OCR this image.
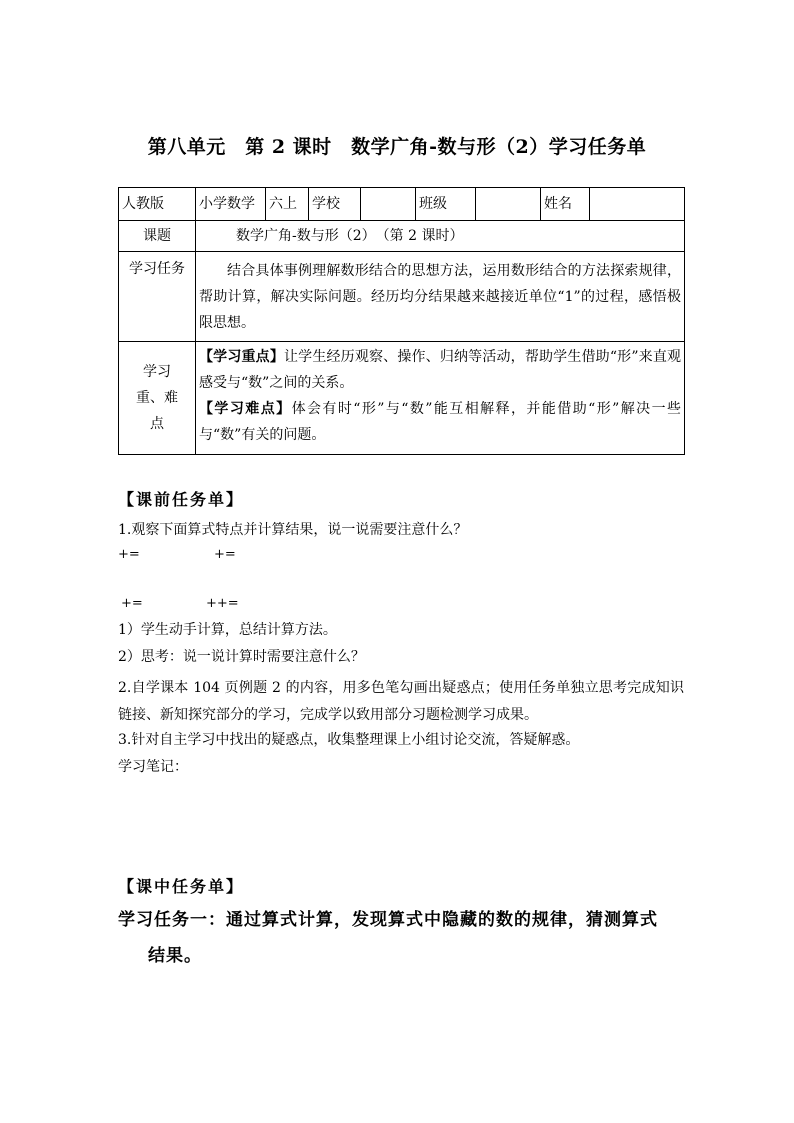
第八单元　第 2 课时　数学广角-数与形（2）学习任务单
人教版	小学数学	六上	学校		班级		姓名	
课题	数学广角-数与形（2）　（第 2 课时）							
学习任务	结合具体事例理解数形结合的思想方法，运用数形结合的方法探索规律，帮助计算，解决实际问题。经历均分结果越来越接近单位“1”的过程，感悟极限思想。							

学习重、难点	【学习重点】让学生经历观察、操作、归纳等活动，帮助学生借助“形”来直观感受与“数”之间的关系。
【学习难点】体会有时“形”与“数”能互相解释，并能借助“形”解决一些与“数”有关的问题。							
【课前任务单】
1.观察下面算式特点并计算结果，说一说需要注意什么？
+=	+=
+=	++=
1）学生动手计算，总结计算方法。
2）思考：说一说计算时需要注意什么？
2.自学课本 104 页例题 2 的内容，用多色笔勾画出疑惑点；使用任务单独立思考完成知识链接、新知探究部分的学习，完成学以致用部分习题检测学习成果。
3.针对自主学习中找出的疑惑点，收集整理课上小组讨论交流，答疑解惑。
学习笔记：
【课中任务单】
学习任务一：通过算式计算，发现算式中隐藏的数的规律，猜测算式
结果。
